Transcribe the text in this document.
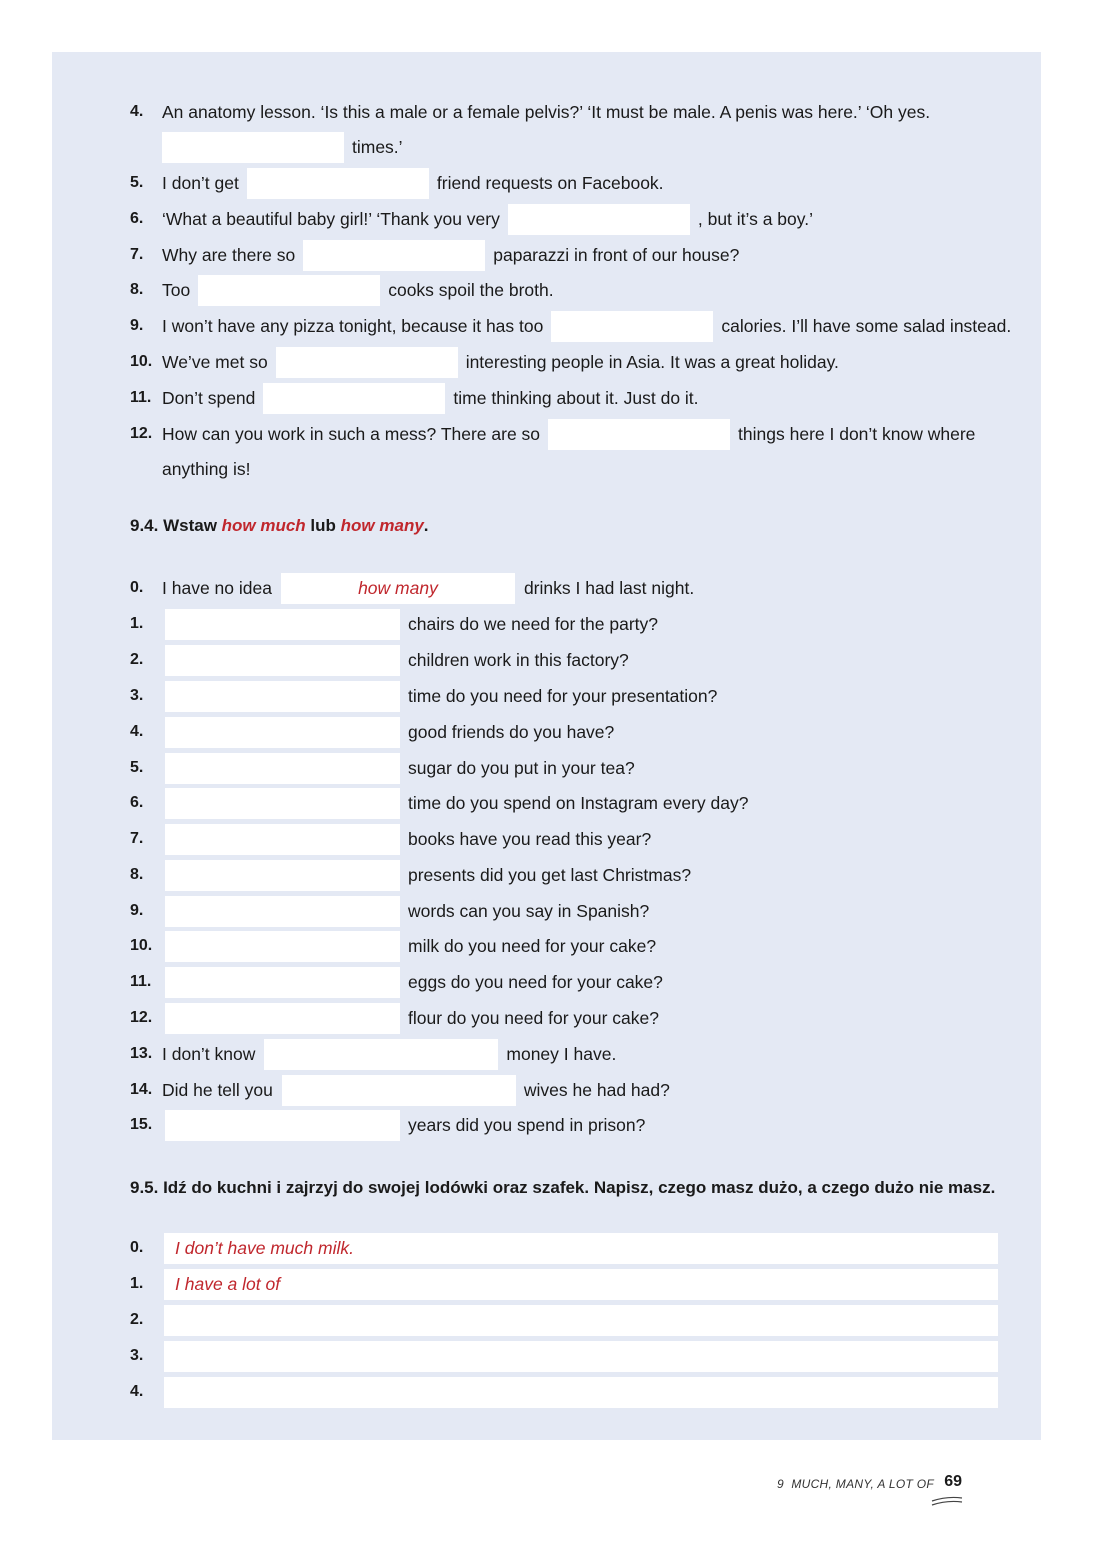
4.	An anatomy lesson. ‘Is this a male or a female pelvis?’ ‘It must be male. A penis was here.’ ‘Oh yes.
times.’
5.	I don’t get	friend requests on Facebook.
6.	‘What a beautiful baby girl!’ ‘Thank you very	, but it’s a boy.’
7.	Why are there so	paparazzi in front of our house?
8.	Too	cooks spoil the broth.
9.	I won’t have any pizza tonight, because it has too	calories. I’ll have some salad instead.
10. We’ve met so	interesting people in Asia. It was a great holiday.
11. Don’t spend	time thinking about it. Just do it.
12. How can you work in such a mess? There are so	things here I don’t know where
anything is!
9.4. Wstaw how much lub how many.
0.	I have no idea	how many	drinks I had last night.
1.	chairs do we need for the party?
2.	children work in this factory?
3.	time do you need for your presentation?
4.	good friends do you have?
5.	sugar do you put in your tea?
6.	time do you spend on Instagram every day?
7.	books have you read this year?
8.	presents did you get last Christmas?
9.	words can you say in Spanish?
10.	milk do you need for your cake?
11.	eggs do you need for your cake?
12.	flour do you need for your cake?
13. I don’t know	money I have.
14. Did he tell you	wives he had had?
15.	years did you spend in prison?
9.5. Idź do kuchni i zajrzyj do swojej lodówki oraz szafek. Napisz, czego masz dużo, a czego dużo nie masz.
0.	I don’t have much milk.
1.	I have a lot of
2.
3.
4.
9 MUCH, MANY, A LOT OF 69
